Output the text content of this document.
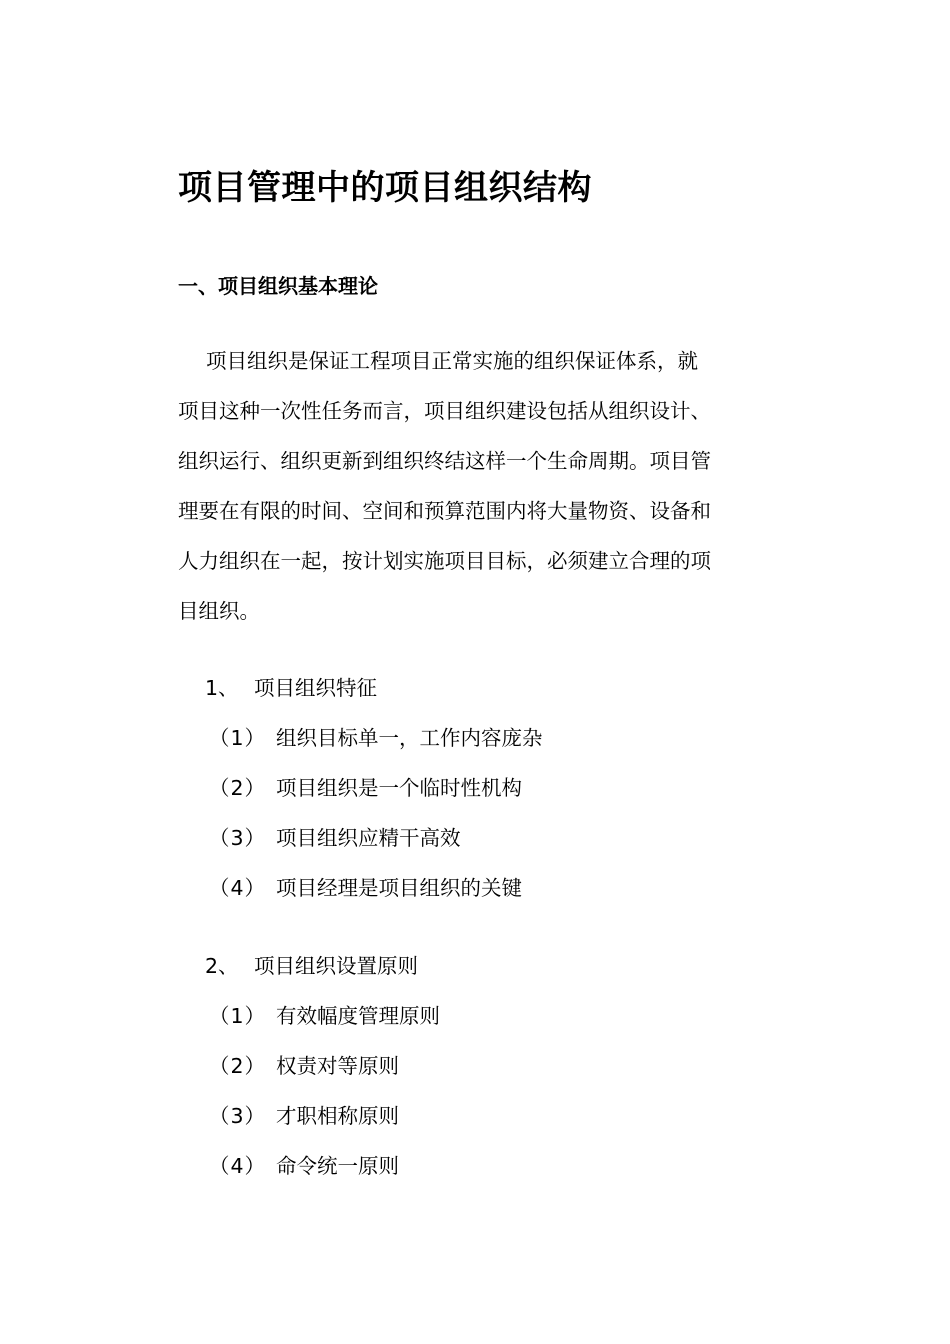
项目管理中的项目组织结构
一、项目组织基本理论
项目组织是保证工程项目正常实施的组织保证体系，就
项目这种一次性任务而言，项目组织建设包括从组织设计、
组织运行、组织更新到组织终结这样一个生命周期。项目管
理要在有限的时间、空间和预算范围内将大量物资、设备和
人力组织在一起，按计划实施项目目标，必须建立合理的项
目组织。
1、 项目组织特征
（1） 组织目标单一，工作内容庞杂
（2） 项目组织是一个临时性机构
（3） 项目组织应精干高效
（4） 项目经理是项目组织的关键
2、 项目组织设置原则
（1） 有效幅度管理原则
（2） 权责对等原则
（3） 才职相称原则
（4） 命令统一原则
